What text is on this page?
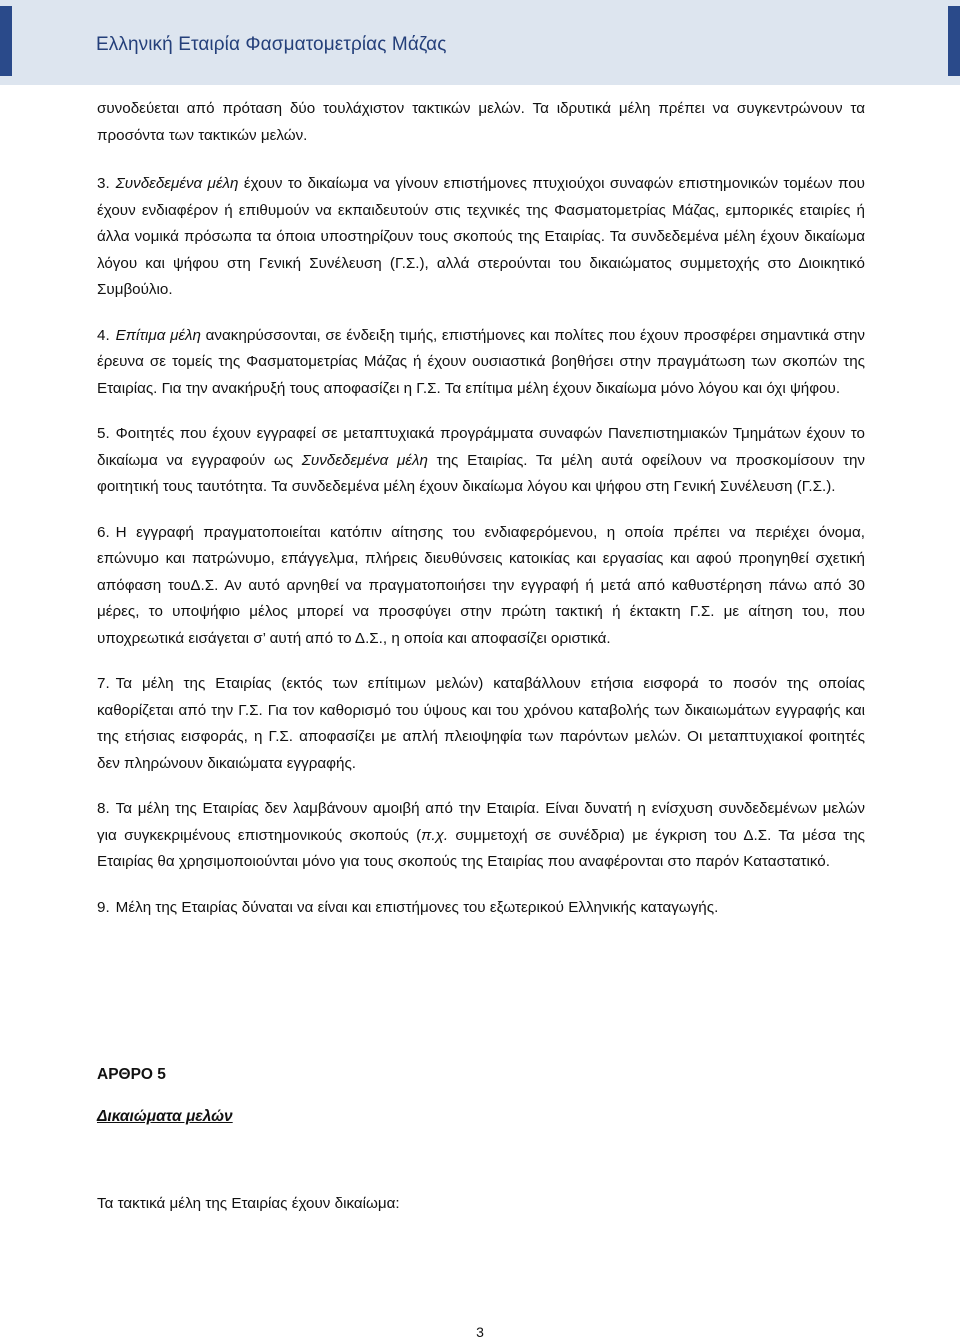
Ελληνική Εταιρία Φασματομετρίας Μάζας

συνοδεύεται από πρόταση δύο τουλάχιστον τακτικών μελών. Τα ιδρυτικά μέλη πρέπει να συγκεντρώνουν τα προσόντα των τακτικών μελών.

3. Συνδεδεμένα μέλη έχουν το δικαίωμα να γίνουν επιστήμονες πτυχιούχοι συναφών επιστημονικών τομέων που έχουν ενδιαφέρον ή επιθυμούν να εκπαιδευτούν στις τεχνικές της Φασματομετρίας Μάζας, εμπορικές εταιρίες ή άλλα νομικά πρόσωπα τα όποια υποστηρίζουν τους σκοπούς της Εταιρίας. Τα συνδεδεμένα μέλη έχουν δικαίωμα λόγου και ψήφου στη Γενική Συνέλευση (Γ.Σ.), αλλά στερούνται του δικαιώματος συμμετοχής στο Διοικητικό Συμβούλιο.

4. Επίτιμα μέλη ανακηρύσσονται, σε ένδειξη τιμής, επιστήμονες και πολίτες που έχουν προσφέρει σημαντικά στην έρευνα σε τομείς της Φασματομετρίας Μάζας ή έχουν ουσιαστικά βοηθήσει στην πραγμάτωση των σκοπών της Εταιρίας. Για την ανακήρυξή τους αποφασίζει η Γ.Σ. Τα επίτιμα μέλη έχουν δικαίωμα μόνο λόγου και όχι ψήφου.

5. Φοιτητές που έχουν εγγραφεί σε μεταπτυχιακά προγράμματα συναφών Πανεπιστημιακών Τμημάτων έχουν το δικαίωμα να εγγραφούν ως Συνδεδεμένα μέλη της Εταιρίας. Τα μέλη αυτά οφείλουν να προσκομίσουν την φοιτητική τους ταυτότητα. Τα συνδεδεμένα μέλη έχουν δικαίωμα λόγου και ψήφου στη Γενική Συνέλευση (Γ.Σ.).

6. Η εγγραφή πραγματοποιείται κατόπιν αίτησης του ενδιαφερόμενου, η οποία πρέπει να περιέχει όνομα, επώνυμο και πατρώνυμο, επάγγελμα, πλήρεις διευθύνσεις κατοικίας και εργασίας και αφού προηγηθεί σχετική απόφαση τουΔ.Σ. Αν αυτό αρνηθεί να πραγματοποιήσει την εγγραφή ή μετά από καθυστέρηση πάνω από 30 μέρες, το υποψήφιο μέλος μπορεί να προσφύγει στην πρώτη τακτική ή έκτακτη Γ.Σ. με αίτηση του, που υποχρεωτικά εισάγεται σ’ αυτή από το Δ.Σ., η οποία και αποφασίζει οριστικά.

7. Τα μέλη της Εταιρίας (εκτός των επίτιμων μελών) καταβάλλουν ετήσια εισφορά το ποσόν της οποίας καθορίζεται από την Γ.Σ. Για τον καθορισμό του ύψους και του χρόνου καταβολής των δικαιωμάτων εγγραφής και της ετήσιας εισφοράς, η Γ.Σ. αποφασίζει με απλή πλειοψηφία των παρόντων μελών. Οι μεταπτυχιακοί φοιτητές δεν πληρώνουν δικαιώματα εγγραφής.

8. Τα μέλη της Εταιρίας δεν λαμβάνουν αμοιβή από την Εταιρία. Είναι δυνατή η ενίσχυση συνδεδεμένων μελών για συγκεκριμένους επιστημονικούς σκοπούς (π.χ. συμμετοχή σε συνέδρια) με έγκριση του Δ.Σ. Τα μέσα της Εταιρίας θα χρησιμοποιούνται μόνο για τους σκοπούς της Εταιρίας που αναφέρονται στο παρόν Καταστατικό.

9. Μέλη της Εταιρίας δύναται να είναι και επιστήμονες του εξωτερικού Ελληνικής καταγωγής.

ΑΡΘΡΟ 5
Δικαιώματα μελών
Τα τακτικά μέλη της Εταιρίας έχουν δικαίωμα:
3
